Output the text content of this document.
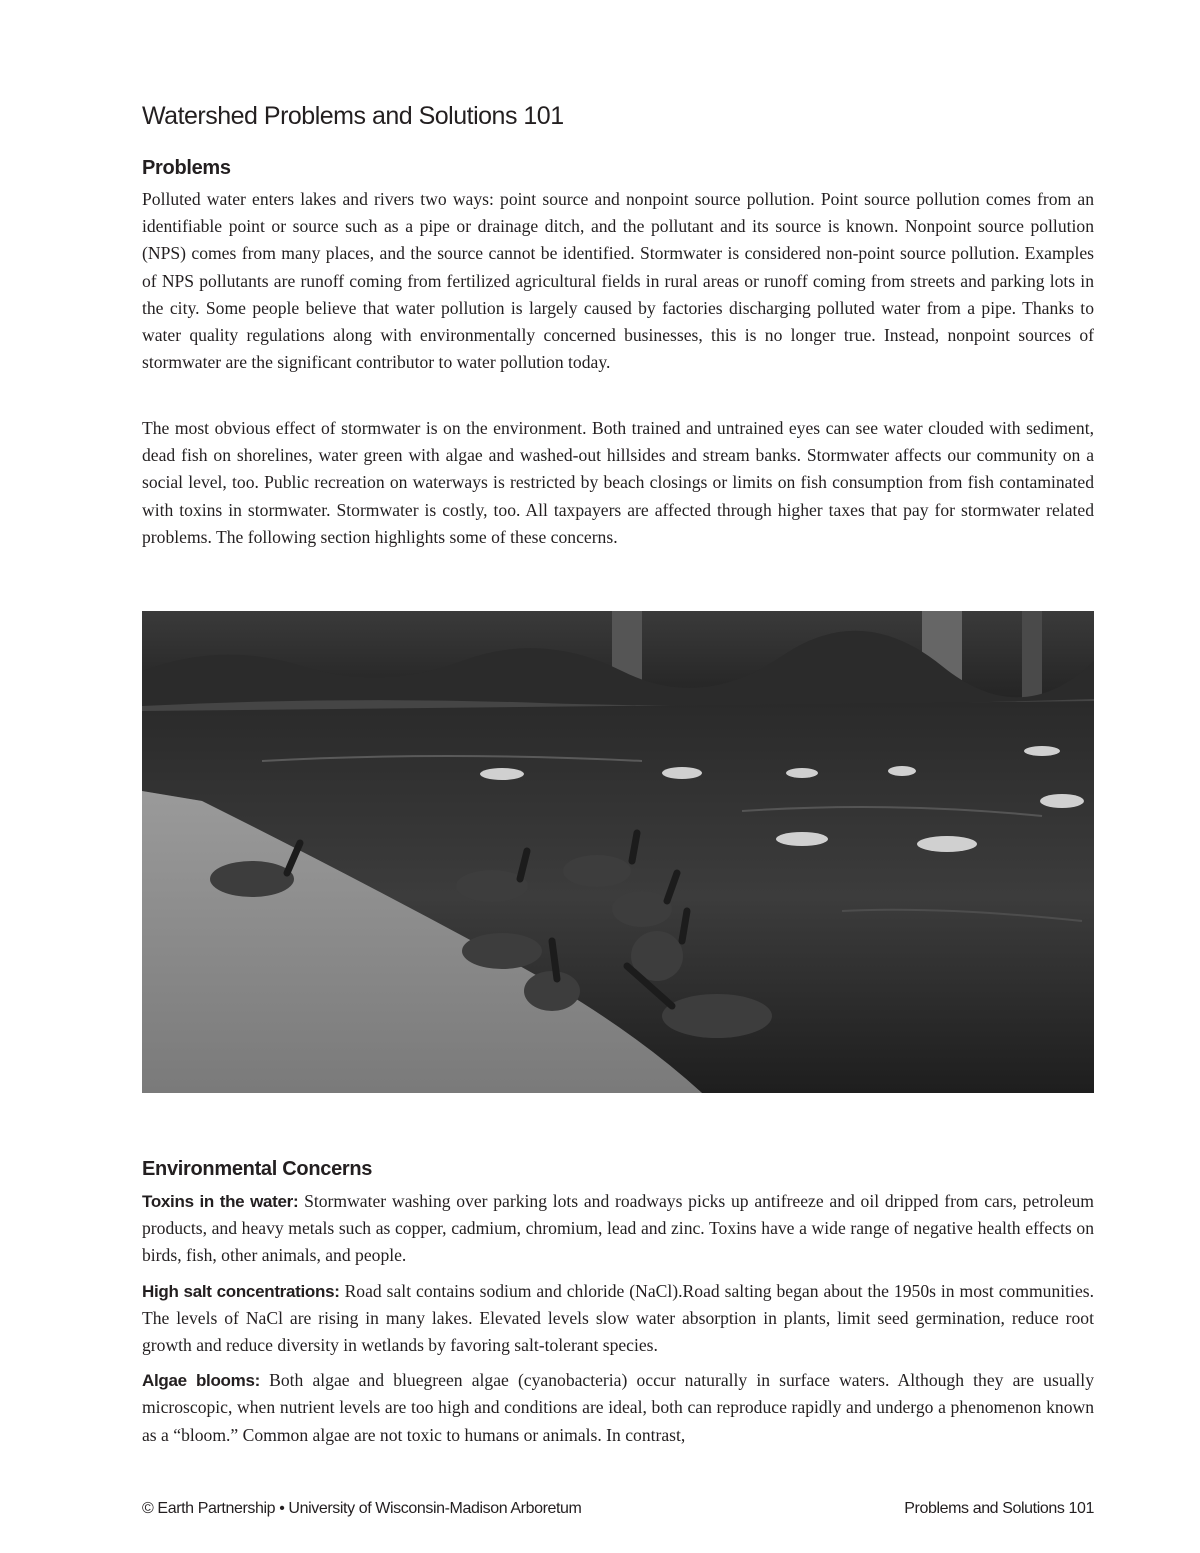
Watershed Problems and Solutions 101
Problems

Polluted water enters lakes and rivers two ways: point source and nonpoint source pollution. Point source pollution comes from an identifiable point or source such as a pipe or drainage ditch, and the pollutant and its source is known. Nonpoint source pollution (NPS) comes from many places, and the source cannot be identified. Stormwater is considered non-point source pollution. Examples of NPS pollutants are runoff coming from fertilized agricultural fields in rural areas or runoff coming from streets and parking lots in the city. Some people believe that water pollution is largely caused by factories discharging polluted water from a pipe. Thanks to water quality regulations along with environmentally concerned businesses, this is no longer true. Instead, nonpoint sources of stormwater are the significant contributor to water pollution today.

The most obvious effect of stormwater is on the environment. Both trained and untrained eyes can see water clouded with sediment, dead fish on shorelines, water green with algae and washed-out hillsides and stream banks. Stormwater affects our community on a social level, too. Public recreation on waterways is restricted by beach closings or limits on fish consumption from fish contaminated with toxins in stormwater. Stormwater is costly, too. All taxpayers are affected through higher taxes that pay for stormwater related problems. The following section highlights some of these concerns.

Environmental Concerns

Toxins in the water: Stormwater washing over parking lots and roadways picks up antifreeze and oil dripped from cars, petroleum products, and heavy metals such as copper, cadmium, chromium, lead and zinc. Toxins have a wide range of negative health effects on birds, fish, other animals, and people.

High salt concentrations: Road salt contains sodium and chloride (NaCl).Road salting began about the 1950s in most communities. The levels of NaCl are rising in many lakes. Elevated levels slow water absorption in plants, limit seed germination, reduce root growth and reduce diversity in wetlands by favoring salt-tolerant species.

Algae blooms: Both algae and bluegreen algae (cyanobacteria) occur naturally in surface waters. Although they are usually microscopic, when nutrient levels are too high and conditions are ideal, both can reproduce rapidly and undergo a phenomenon known as a “bloom.” Common algae are not toxic to humans or animals. In contrast,

© Earth Partnership • University of Wisconsin-Madison Arboretum	Problems and Solutions 101
